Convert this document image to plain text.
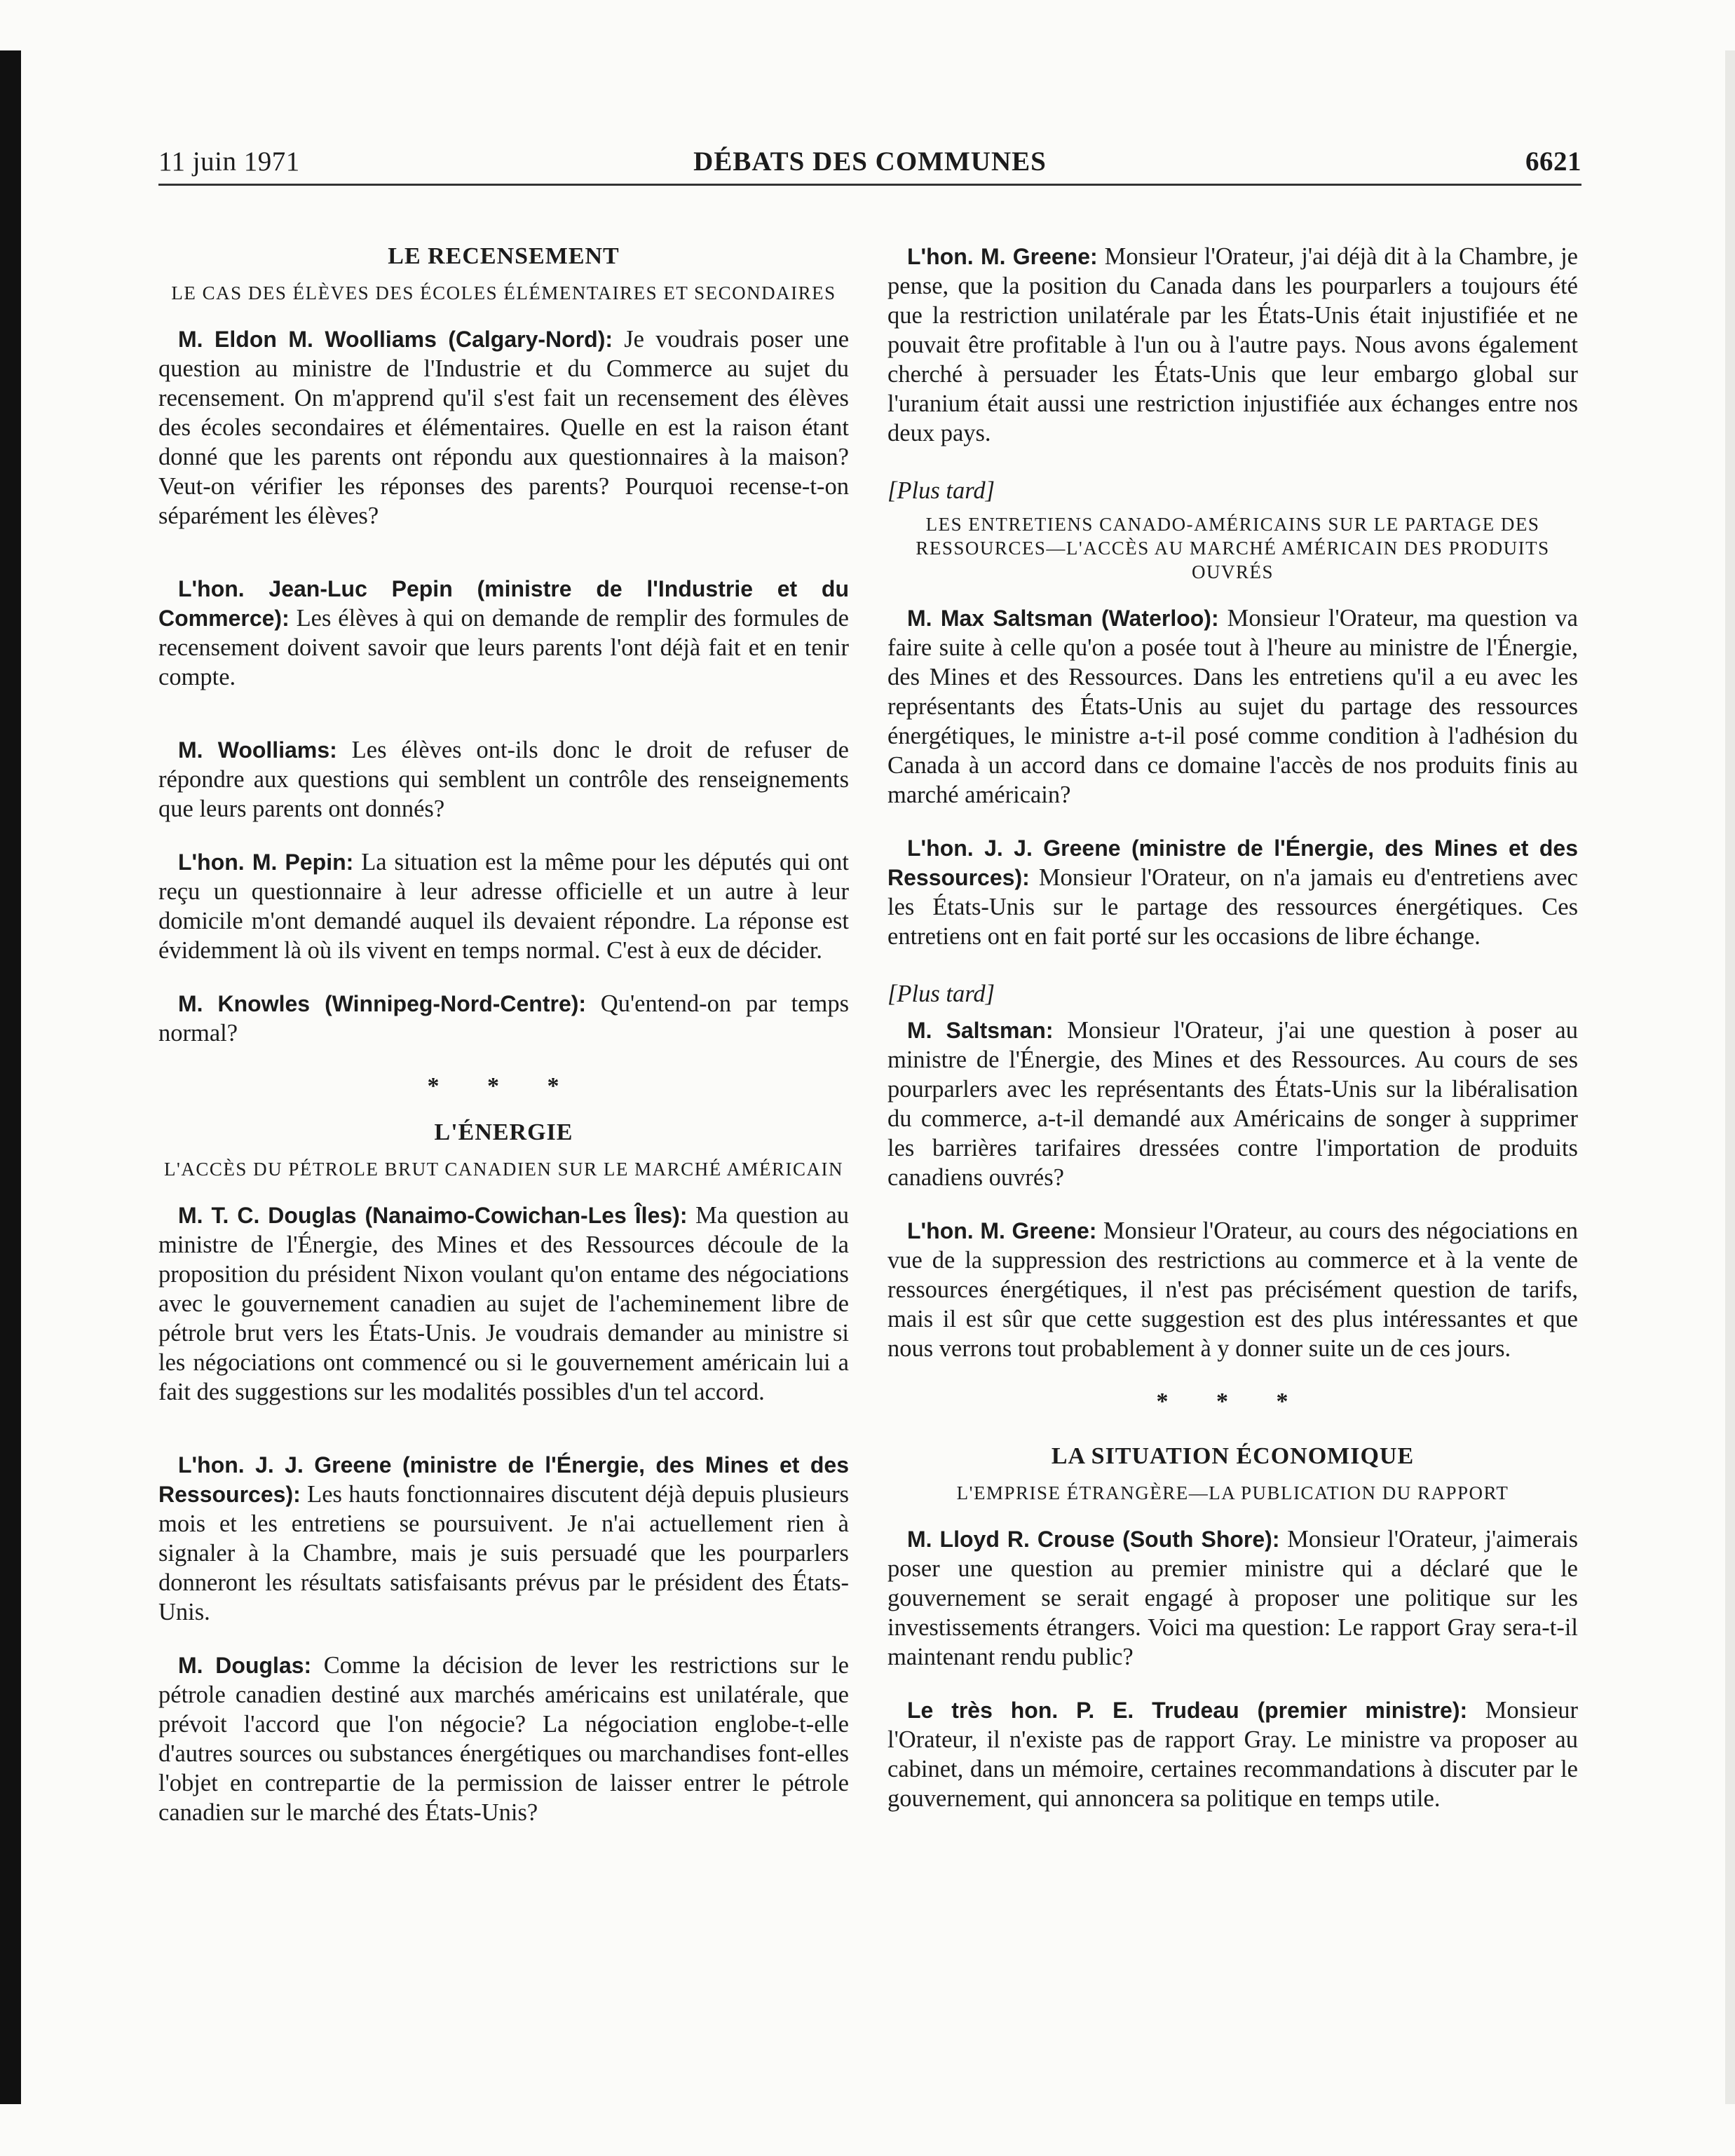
11 juin 1971	DÉBATS DES COMMUNES	6621
LE RECENSEMENT
LE CAS DES ÉLÈVES DES ÉCOLES ÉLÉMENTAIRES ET SECONDAIRES

M. Eldon M. Woolliams (Calgary-Nord): Je voudrais poser une question au ministre de l'Industrie et du Commerce au sujet du recensement. On m'apprend qu'il s'est fait un recensement des élèves des écoles secondaires et élémentaires. Quelle en est la raison étant donné que les parents ont répondu aux questionnaires à la maison? Veut-on vérifier les réponses des parents? Pourquoi recense-t-on séparément les élèves?

L'hon. Jean-Luc Pepin (ministre de l'Industrie et du Commerce): Les élèves à qui on demande de remplir des formules de recensement doivent savoir que leurs parents l'ont déjà fait et en tenir compte.

M. Woolliams: Les élèves ont-ils donc le droit de refuser de répondre aux questions qui semblent un contrôle des renseignements que leurs parents ont donnés?

L'hon. M. Pepin: La situation est la même pour les députés qui ont reçu un questionnaire à leur adresse officielle et un autre à leur domicile m'ont demandé auquel ils devaient répondre. La réponse est évidemment là où ils vivent en temps normal. C'est à eux de décider.

M. Knowles (Winnipeg-Nord-Centre): Qu'entend-on par temps normal?

* * *
L'ÉNERGIE
L'ACCÈS DU PÉTROLE BRUT CANADIEN SUR LE MARCHÉ AMÉRICAIN

M. T. C. Douglas (Nanaimo-Cowichan-Les Îles): Ma question au ministre de l'Énergie, des Mines et des Ressources découle de la proposition du président Nixon voulant qu'on entame des négociations avec le gouvernement canadien au sujet de l'acheminement libre de pétrole brut vers les États-Unis. Je voudrais demander au ministre si les négociations ont commencé ou si le gouvernement américain lui a fait des suggestions sur les modalités possibles d'un tel accord.

L'hon. J. J. Greene (ministre de l'Énergie, des Mines et des Ressources): Les hauts fonctionnaires discutent déjà depuis plusieurs mois et les entretiens se poursuivent. Je n'ai actuellement rien à signaler à la Chambre, mais je suis persuadé que les pourparlers donneront les résultats satisfaisants prévus par le président des États-Unis.

M. Douglas: Comme la décision de lever les restrictions sur le pétrole canadien destiné aux marchés américains est unilatérale, que prévoit l'accord que l'on négocie? La négociation englobe-t-elle d'autres sources ou substances énergétiques ou marchandises font-elles l'objet en contrepartie de la permission de laisser entrer le pétrole canadien sur le marché des États-Unis?

L'hon. M. Greene: Monsieur l'Orateur, j'ai déjà dit à la Chambre, je pense, que la position du Canada dans les pourparlers a toujours été que la restriction unilatérale par les États-Unis était injustifiée et ne pouvait être profitable à l'un ou à l'autre pays. Nous avons également cherché à persuader les États-Unis que leur embargo global sur l'uranium était aussi une restriction injustifiée aux échanges entre nos deux pays.

[Plus tard]
LES ENTRETIENS CANADO-AMÉRICAINS SUR LE PARTAGE DES RESSOURCES—L'ACCÈS AU MARCHÉ AMÉRICAIN DES PRODUITS OUVRÉS

M. Max Saltsman (Waterloo): Monsieur l'Orateur, ma question va faire suite à celle qu'on a posée tout à l'heure au ministre de l'Énergie, des Mines et des Ressources. Dans les entretiens qu'il a eu avec les représentants des États-Unis au sujet du partage des ressources énergétiques, le ministre a-t-il posé comme condition à l'adhésion du Canada à un accord dans ce domaine l'accès de nos produits finis au marché américain?

L'hon. J. J. Greene (ministre de l'Énergie, des Mines et des Ressources): Monsieur l'Orateur, on n'a jamais eu d'entretiens avec les États-Unis sur le partage des ressources énergétiques. Ces entretiens ont en fait porté sur les occasions de libre échange.

[Plus tard]

M. Saltsman: Monsieur l'Orateur, j'ai une question à poser au ministre de l'Énergie, des Mines et des Ressources. Au cours de ses pourparlers avec les représentants des États-Unis sur la libéralisation du commerce, a-t-il demandé aux Américains de songer à supprimer les barrières tarifaires dressées contre l'importation de produits canadiens ouvrés?

L'hon. M. Greene: Monsieur l'Orateur, au cours des négociations en vue de la suppression des restrictions au commerce et à la vente de ressources énergétiques, il n'est pas précisément question de tarifs, mais il est sûr que cette suggestion est des plus intéressantes et que nous verrons tout probablement à y donner suite un de ces jours.

* * *
LA SITUATION ÉCONOMIQUE
L'EMPRISE ÉTRANGÈRE—LA PUBLICATION DU RAPPORT

M. Lloyd R. Crouse (South Shore): Monsieur l'Orateur, j'aimerais poser une question au premier ministre qui a déclaré que le gouvernement se serait engagé à proposer une politique sur les investissements étrangers. Voici ma question: Le rapport Gray sera-t-il maintenant rendu public?

Le très hon. P. E. Trudeau (premier ministre): Monsieur l'Orateur, il n'existe pas de rapport Gray. Le ministre va proposer au cabinet, dans un mémoire, certaines recommandations à discuter par le gouvernement, qui annoncera sa politique en temps utile.
